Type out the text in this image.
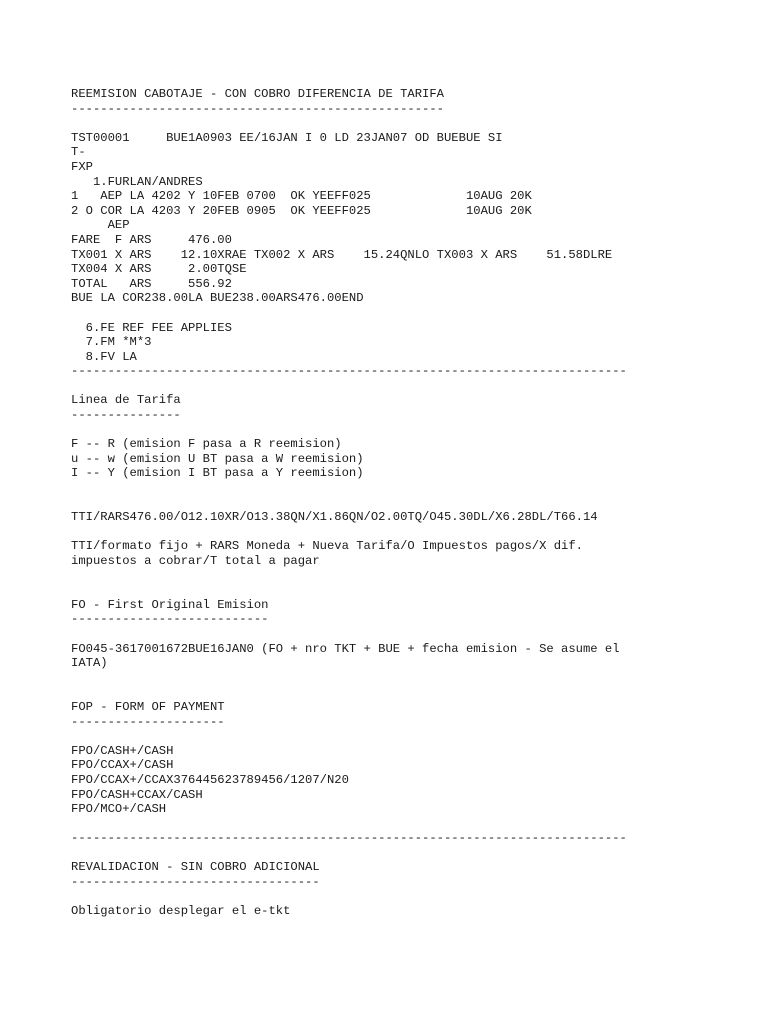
REEMISION CABOTAJE - CON COBRO DIFERENCIA DE TARIFA
---------------------------------------------------
TST00001     BUE1A0903 EE/16JAN I 0 LD 23JAN07 OD BUEBUE SI
T-
FXP
1.FURLAN/ANDRES
1   AEP LA 4202 Y 10FEB 0700  OK YEEFF025             10AUG 20K
2 O COR LA 4203 Y 20FEB 0905  OK YEEFF025             10AUG 20K
AEP
FARE  F ARS     476.00
TX001 X ARS    12.10XRAE TX002 X ARS    15.24QNLO TX003 X ARS    51.58DLRE
TX004 X ARS     2.00TQSE
TOTAL   ARS     556.92
BUE LA COR238.00LA BUE238.00ARS476.00END
6.FE REF FEE APPLIES
7.FM *M*3
8.FV LA
----------------------------------------------------------------------------
Linea de Tarifa
---------------
F -- R (emision F pasa a R reemision)
u -- w (emision U BT pasa a W reemision)
I -- Y (emision I BT pasa a Y reemision)
TTI/RARS476.00/O12.10XR/O13.38QN/X1.86QN/O2.00TQ/O45.30DL/X6.28DL/T66.14
TTI/formato fijo + RARS Moneda + Nueva Tarifa/O Impuestos pagos/X dif.
impuestos a cobrar/T total a pagar
FO - First Original Emision
---------------------------
FO045-3617001672BUE16JAN0 (FO + nro TKT + BUE + fecha emision - Se asume el
IATA)
FOP - FORM OF PAYMENT
---------------------
FPO/CASH+/CASH
FPO/CCAX+/CASH
FPO/CCAX+/CCAX376445623789456/1207/N20
FPO/CASH+CCAX/CASH
FPO/MCO+/CASH
----------------------------------------------------------------------------
REVALIDACION - SIN COBRO ADICIONAL
----------------------------------
Obligatorio desplegar el e-tkt
